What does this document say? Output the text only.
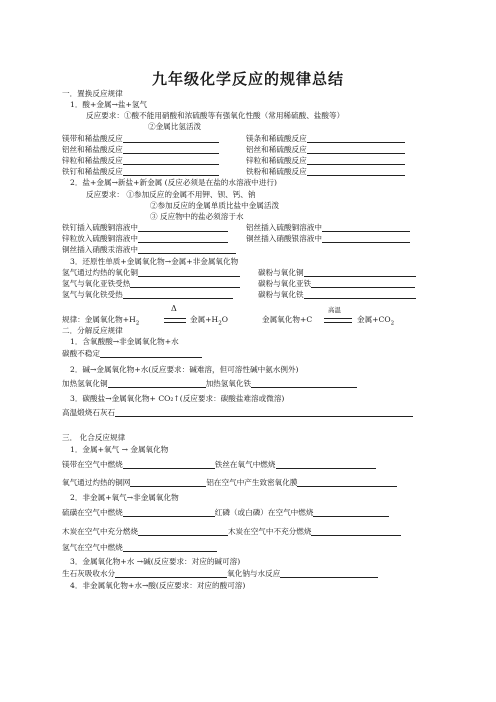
九年级化学反应的规律总结
一．置换反应规律
1．酸+金属→盐+氢气
反应要求：①酸不能用硝酸和浓硫酸等有强氧化性酸（常用稀硫酸、盐酸等）
②金属比氢活泼
镁带和稀盐酸反应	镁条和稀硫酸反应
铝丝和稀盐酸反应	铝丝和稀硫酸反应
锌粒和稀盐酸反应	锌粒和稀硫酸反应
铁钉和稀盐酸反应	铁粉和稀硫酸反应
2．盐+金属→新盐+新金属 (反应必须是在盐的水溶液中进行)
反应要求： ①参加反应的金属不用钾、钡、钙、钠
②参加反应的金属单质比盐中金属活泼
③ 反应物中的盐必须溶于水
铁钉插入硫酸铜溶液中	铝丝插入硫酸铜溶液中
锌粒放入硫酸铜溶液中	铜丝插入硝酸银溶液中
铜丝插入硝酸汞溶液中
3．还原性单质+金属氧化物→金属+非金属氧化物
氢气通过灼热的氧化铜	碳粉与氧化铜
氢气与氧化亚铁受热	碳粉与氧化亚铁
氢气与氧化铁受热	碳粉与氧化铁
规律：金属氧化物$+H_2$
Δ
金属$+H_2O$	金属氧化物+C
高温
金属$+CO_2$
二．分解反应规律
1．含氧酸酸→非金属氧化物+水
碳酸不稳定
2．碱→金属氧化物+水(反应要求：碱难溶，但可溶性碱中氨水例外)
加热氢氧化铜	加热氢氧化铁
3．碳酸盐→金属氧化物+ CO₂↑(反应要求：碳酸盐难溶或微溶)
高温煅烧石灰石
三． 化合反应规律
1．金属+氧气 → 金属氧化物
镁带在空气中燃烧	铁丝在氧气中燃烧
氧气通过灼热的铜网	铝在空气中产生致密氧化膜
2．非金属+氧气→非金属氧化物
硫磺在空气中燃烧	红磷（或白磷）在空气中燃烧
木炭在空气中充分燃烧	木炭在空气中不充分燃烧
氢气在空气中燃烧
3．金属氧化物+水 →碱(反应要求：对应的碱可溶)
生石灰吸收水分	氧化钠与水反应
4．非金属氧化物+水→酸(反应要求：对应的酸可溶)
